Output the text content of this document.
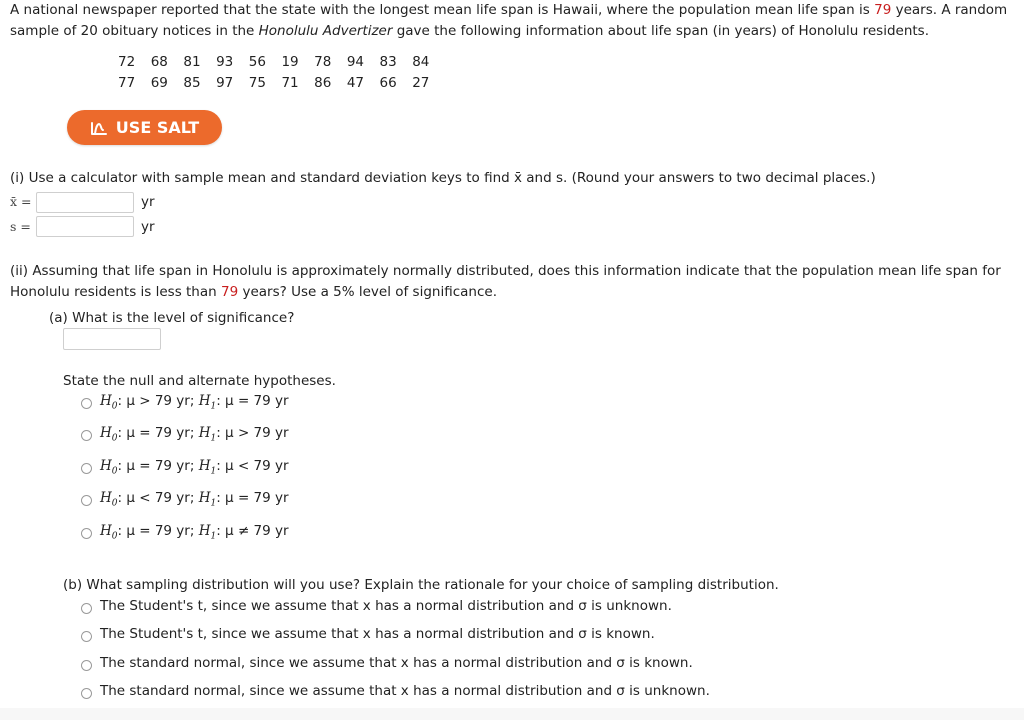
A national newspaper reported that the state with the longest mean life span is Hawaii, where the population mean life span is 79 years. A random sample of 20 obituary notices in the Honolulu Advertizer gave the following information about life span (in years) of Honolulu residents.
72 68 81 93 56 19 78 94 83 84
77 69 85 97 75 71 86 47 66 27
USE SALT
(i) Use a calculator with sample mean and standard deviation keys to find x̄ and s. (Round your answers to two decimal places.)
x̄ =	yr
s =	yr
(ii) Assuming that life span in Honolulu is approximately normally distributed, does this information indicate that the population mean life span for
Honolulu residents is less than 79 years? Use a 5% level of significance.
(a) What is the level of significance?
State the null and alternate hypotheses.
$H_0$: μ > 79 yr; $H_1$: μ = 79 yr
$H_0$: μ = 79 yr; $H_1$: μ > 79 yr
$H_0$: μ = 79 yr; $H_1$: μ < 79 yr
$H_0$: μ < 79 yr; $H_1$: μ = 79 yr
$H_0$: μ = 79 yr; $H_1$: μ ≠ 79 yr
(b) What sampling distribution will you use? Explain the rationale for your choice of sampling distribution.
The Student's t, since we assume that x has a normal distribution and σ is unknown.
The Student's t, since we assume that x has a normal distribution and σ is known.
The standard normal, since we assume that x has a normal distribution and σ is known.
The standard normal, since we assume that x has a normal distribution and σ is unknown.
